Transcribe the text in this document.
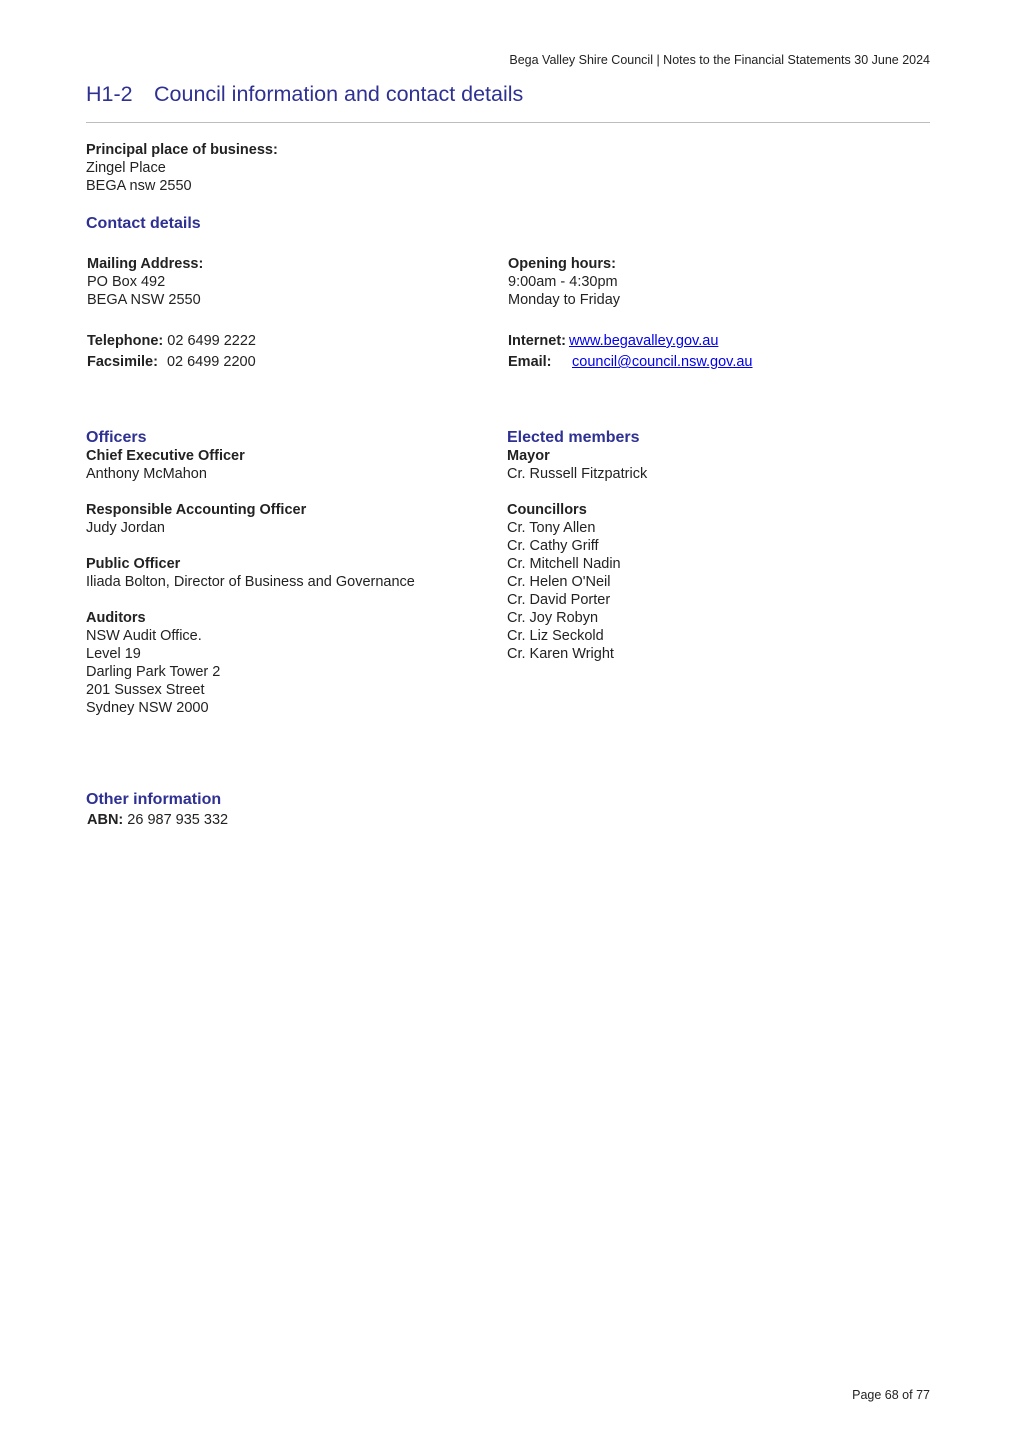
Bega Valley Shire Council | Notes to the Financial Statements 30 June 2024
H1-2 Council information and contact details
Principal place of business:
Zingel Place
BEGA nsw 2550
Contact details
Mailing Address:
PO Box 492
BEGA NSW 2550
Opening hours:
9:00am - 4:30pm
Monday to Friday
Telephone: 02 6499 2222
Facsimile: 02 6499 2200
Internet: www.begavalley.gov.au
Email: council@council.nsw.gov.au
Officers
Chief Executive Officer
Anthony McMahon
Responsible Accounting Officer
Judy Jordan
Public Officer
Iliada Bolton, Director of Business and Governance
Auditors
NSW Audit Office.
Level 19
Darling Park Tower 2
201 Sussex Street
Sydney NSW 2000
Elected members
Mayor
Cr. Russell Fitzpatrick
Councillors
Cr. Tony Allen
Cr. Cathy Griff
Cr. Mitchell Nadin
Cr. Helen O'Neil
Cr. David Porter
Cr. Joy Robyn
Cr. Liz Seckold
Cr. Karen Wright
Other information
ABN: 26 987 935 332
Page 68 of 77
